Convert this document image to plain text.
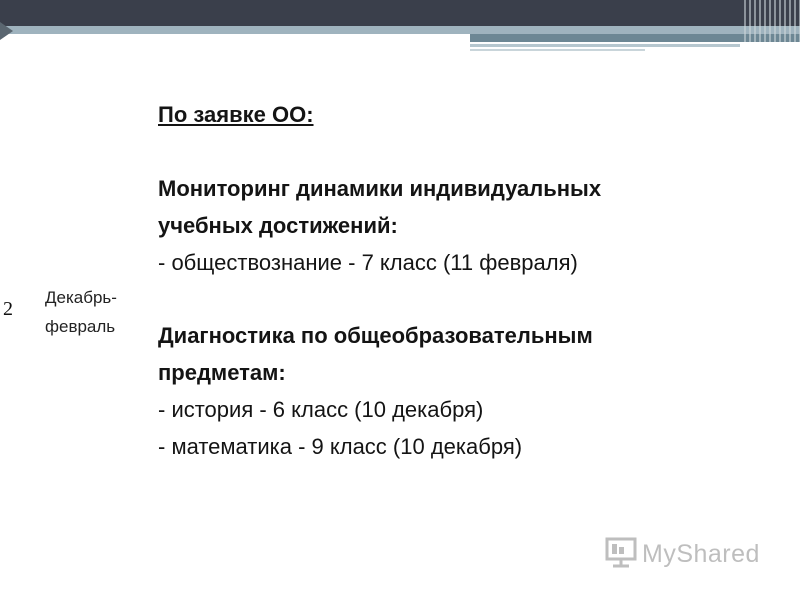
2
Декабрь-
февраль
По заявке ОО:
Мониторинг динамики индивидуальных
учебных достижений:
- обществознание - 7 класс (11 февраля)
Диагностика по общеобразовательным
предметам:
- история - 6 класс (10 декабря)
- математика - 9 класс (10 декабря)
MyShared
